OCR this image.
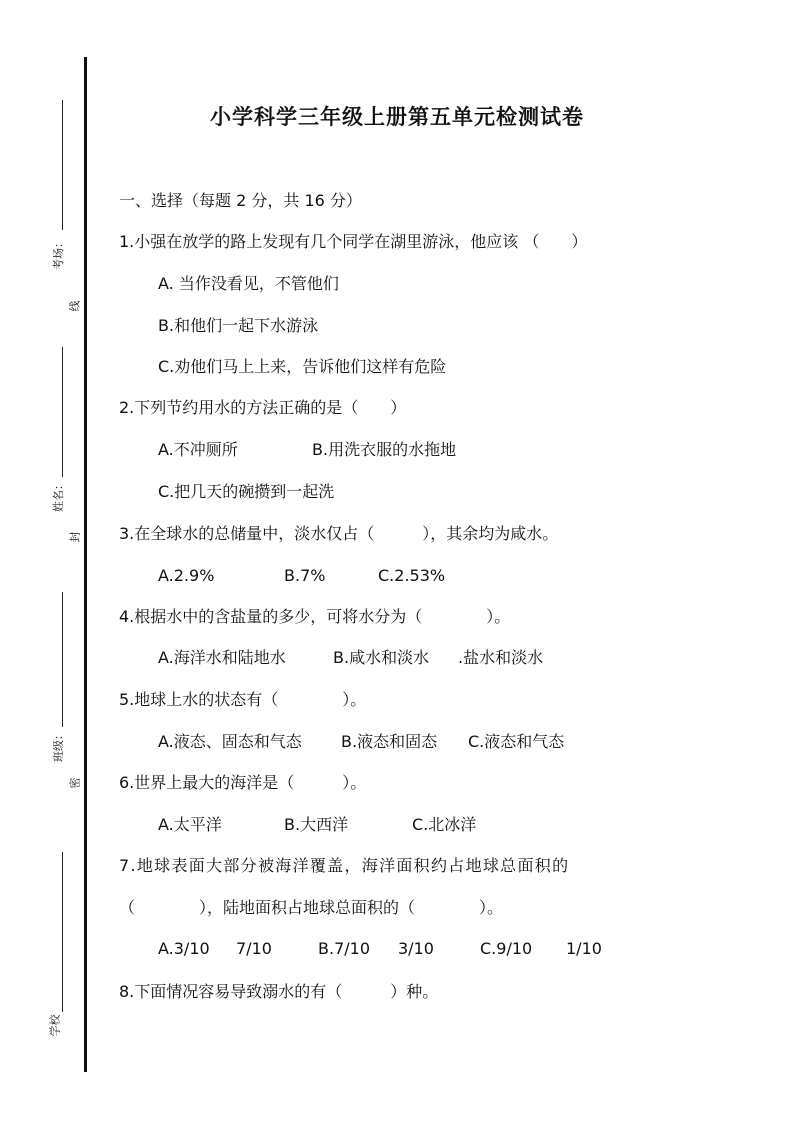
考场：
线
姓名：
封
班级：
密
学校
小学科学三年级上册第五单元检测试卷
一、选择（每题 2 分，共 16 分）
1.小强在放学的路上发现有几个同学在湖里游泳，他应该 （　　）
A. 当作没看见，不管他们
B.和他们一起下水游泳
C.劝他们马上上来，告诉他们这样有危险
2.下列节约用水的方法正确的是（　　）
A.不冲厕所	B.用洗衣服的水拖地
C.把几天的碗攒到一起洗
3.在全球水的总储量中，淡水仅占（　　　），其余均为咸水。
A.2.9%	B.7%	C.2.53%
4.根据水中的含盐量的多少，可将水分为（　　　　）。
A.海洋水和陆地水	B.咸水和淡水 .盐水和淡水
5.地球上水的状态有（　　　　）。
A.液态、固态和气态 B.液态和固态 C.液态和气态
6.世界上最大的海洋是（　　　）。
A.太平洋	B.大西洋	C.北冰洋
7.地球表面大部分被海洋覆盖，海洋面积约占地球总面积的
（　　　　），陆地面积占地球总面积的（　　　　）。
A.3/10 7/10	B.7/10 3/10	C.9/10 1/10
8.下面情况容易导致溺水的有（　　　）种。
